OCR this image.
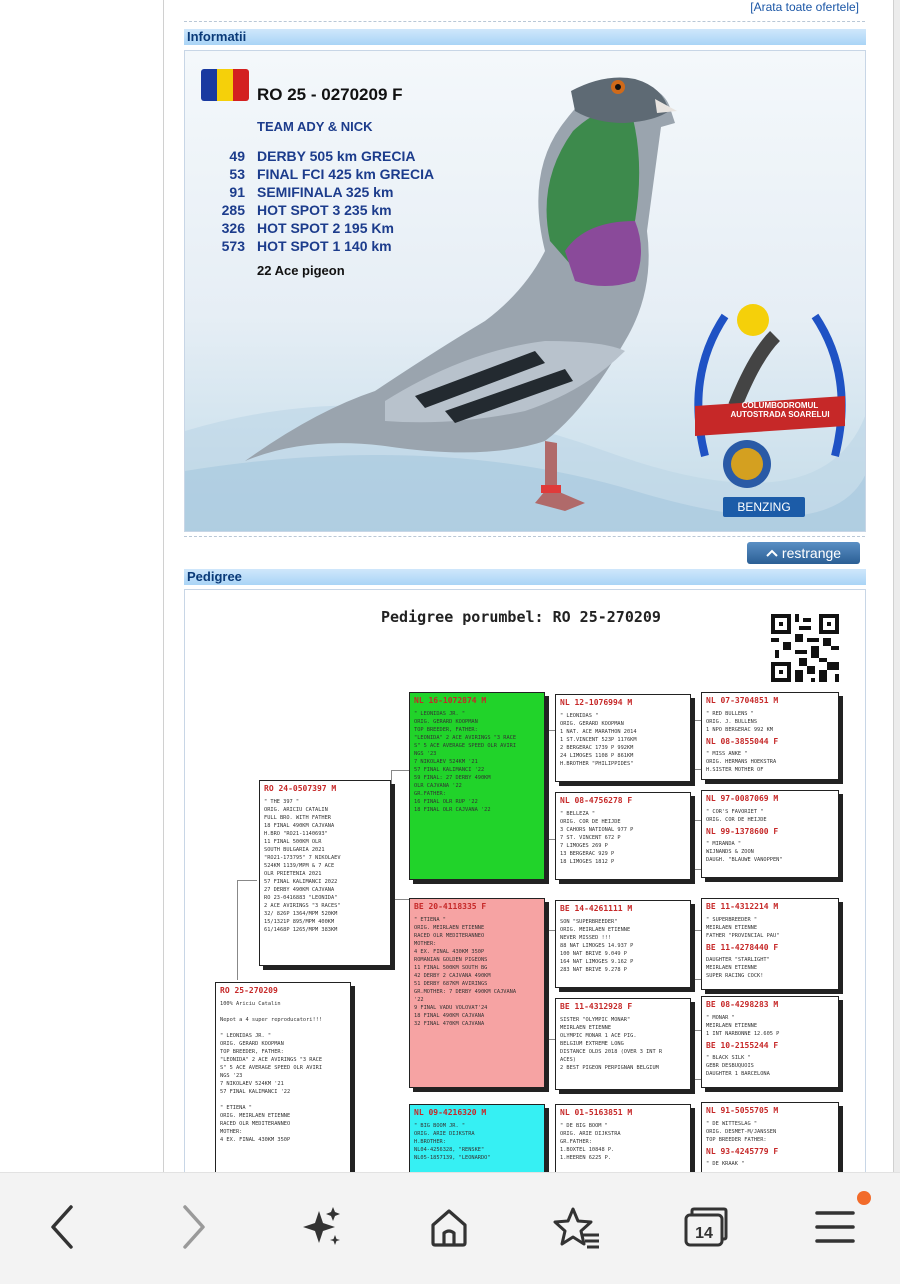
[Arata toate ofertele]
Informatii
RO 25 - 0270209 F
TEAM ADY & NICK
49 DERBY 505 km GRECIA
53 FINAL FCI 425 km GRECIA
91 SEMIFINALA 325 km
285 HOT SPOT 3 235 km
326 HOT SPOT 2 195 Km
573 HOT SPOT 1 140 km
22 Ace pigeon
COLUMBODROMUL AUTOSTRADA SOARELUI
BENZING
restrange
Pedigree
Pedigree porumbel: RO 25-270209
RO 25-270209
100% Ariciu Catalin

Nepot a 4 super reproducatori!!!

" LEONIDAS JR. "
ORIG. GERARD KOOPMAN
TOP BREEDER, FATHER:
"LEONIDA" 2 ACE AVIRINGS "3 RACE
S" 5 ACE AVERAGE SPEED OLR AVIRI
NGS '23
7 NIKOLAEV 524KM '21
57 FINAL KALIMANCI '22

" ETIENA "
ORIG. MEIRLAEN ETIENNE
RACED OLR MEDITERANNEO
MOTHER:
4 EX. FINAL 430KM 350P
RO 24-0507397 M
" THE 397 "
ORIG. ARICIU CATALIN
FULL BRO. WITH FATHER
18 FINAL 490KM CAJVANA
H.BRO "RO21-1140693"
11 FINAL 500KM OLR
SOUTH BULGARIA 2021
"RO21-173795" 7 NIKOLAEV
524KM 1139/MPM & 7 ACE
OLR PRIETENIA 2021
57 FINAL KALIMANCI 2022
27 DERBY 490KM CAJVANA
RO 23-0416883 "LEONIDA"
2 ACE AVIRINGS "3 RACES"
32/ 826P 1364/MPM 520KM
15/1321P 895/MPM 400KM
61/1468P 1265/MPM 383KM
NL 16-1072874 M
" LEONIDAS JR. "
ORIG. GERARD KOOPMAN
TOP BREEDER, FATHER:
"LEONIDA" 2 ACE AVIRINGS "3 RACE
S" 5 ACE AVERAGE SPEED OLR AVIRI
NGS '23
7 NIKOLAEV 524KM '21
57 FINAL KALIMANCI '22
59 FINAL: 27 DERBY 490KM
OLR CAJVANA '22
GR.FATHER:
16 FINAL OLR RUP '22
18 FINAL OLR CAJVANA '22
BE 20-4118335 F
" ETIENA "
ORIG. MEIRLAEN ETIENNE
RACED OLR MEDITERANNEO
MOTHER:
4 EX. FINAL 430KM 350P
ROMANIAN GOLDEN PIGEONS
11 FINAL 500KM SOUTH BG
42 DERBY 2 CAJVANA 490KM
51 DERBY 687KM AVIRINGS
GR.MOTHER: 7 DERBY 490KM CAJVANA
'22
9 FINAL VADU VOLOVAT'24
18 FINAL 490KM CAJVANA
32 FINAL 470KM CAJVANA
NL 09-4216320 M
" BIG BOOM JR. "
ORIG. ARIE DIJKSTRA
H.BROTHER:
NL04-4256328, "RENSKE"
NL05-1857139, "LEONARDO"
NL 12-1076994 M
" LEONIDAS "
ORIG. GERARD KOOPMAN
1 NAT. ACE MARATHON 2014
1 ST.VINCENT 523P 1176KM
2 BERGERAC 1739 P 992KM
24 LIMOGES 1108 P 861KM
H.BROTHER "PHILIPPIDES"
NL 08-4756278 F
" BELLEZA "
ORIG. COR DE HEIJDE
3 CAHORS NATIONAL 977 P
7 ST. VINCENT 672 P
7 LIMOGES 269 P
13 BERGERAC 929 P
18 LIMOGES 1812 P
BE 14-4261111 M
SON "SUPERBREEDER"
ORIG. MEIRLAEN ETIENNE
NEVER MISSED !!!
88 NAT LIMOGES 14.937 P
100 NAT BRIVE 9.049 P
164 NAT LIMOGES 9.162 P
283 NAT BRIVE 9.278 P
BE 11-4312928 F
SISTER "OLYMPIC MONAR"
MEIRLAEN ETIENNE
OLYMPIC MONAR 1 ACE PIG.
BELGIUM EXTREME LONG
DISTANCE OLDS 2018 (OVER 3 INT R
ACES)
2 BEST PIGEON PERPIGNAN BELGIUM
NL 01-5163851 M
" DE BIG BOOM "
ORIG. ARIE DIJKSTRA
GR.FATHER:
1.BOXTEL 10848 P.
1.HEEREN 6225 P.
NL 07-3704851 M
" RED BULLENS "
ORIG. J. BULLENS
1 NPO BERGERAC 992 KM
NL 08-3855044 F
" MISS ANKE "
ORIG. HERMANS HOEKSTRA
H.SISTER MOTHER OF
NL 97-0087069 M
" COR'S FAVORIET "
ORIG. COR DE HEIJDE
NL 99-1378600 F
" MIRANDA "
WIJNANDS & ZOON
DAUGH. "BLAUWE VANOPPEN"
BE 11-4312214 M
" SUPERBREEDER "
MEIRLAEN ETIENNE
FATHER "PROVINCIAL PAU"
BE 11-4278440 F
DAUGHTER "STARLIGHT"
MEIRLAEN ETIENNE
SUPER RACING COCK!
BE 08-4298283 M
" MONAR "
MEIRLAEN ETIENNE
1 INT NARBONNE 12.605 P
BE 10-2155244 F
" BLACK SILK "
GEBR DESBUQUOIS
DAUGHTER 1 BARCELONA
NL 91-5055705 M
" DE WITTESLAG "
ORIG. DESMET-M/JANSSEN
TOP BREEDER FATHER:
NL 93-4245779 F
" DE KRAAK "
14
